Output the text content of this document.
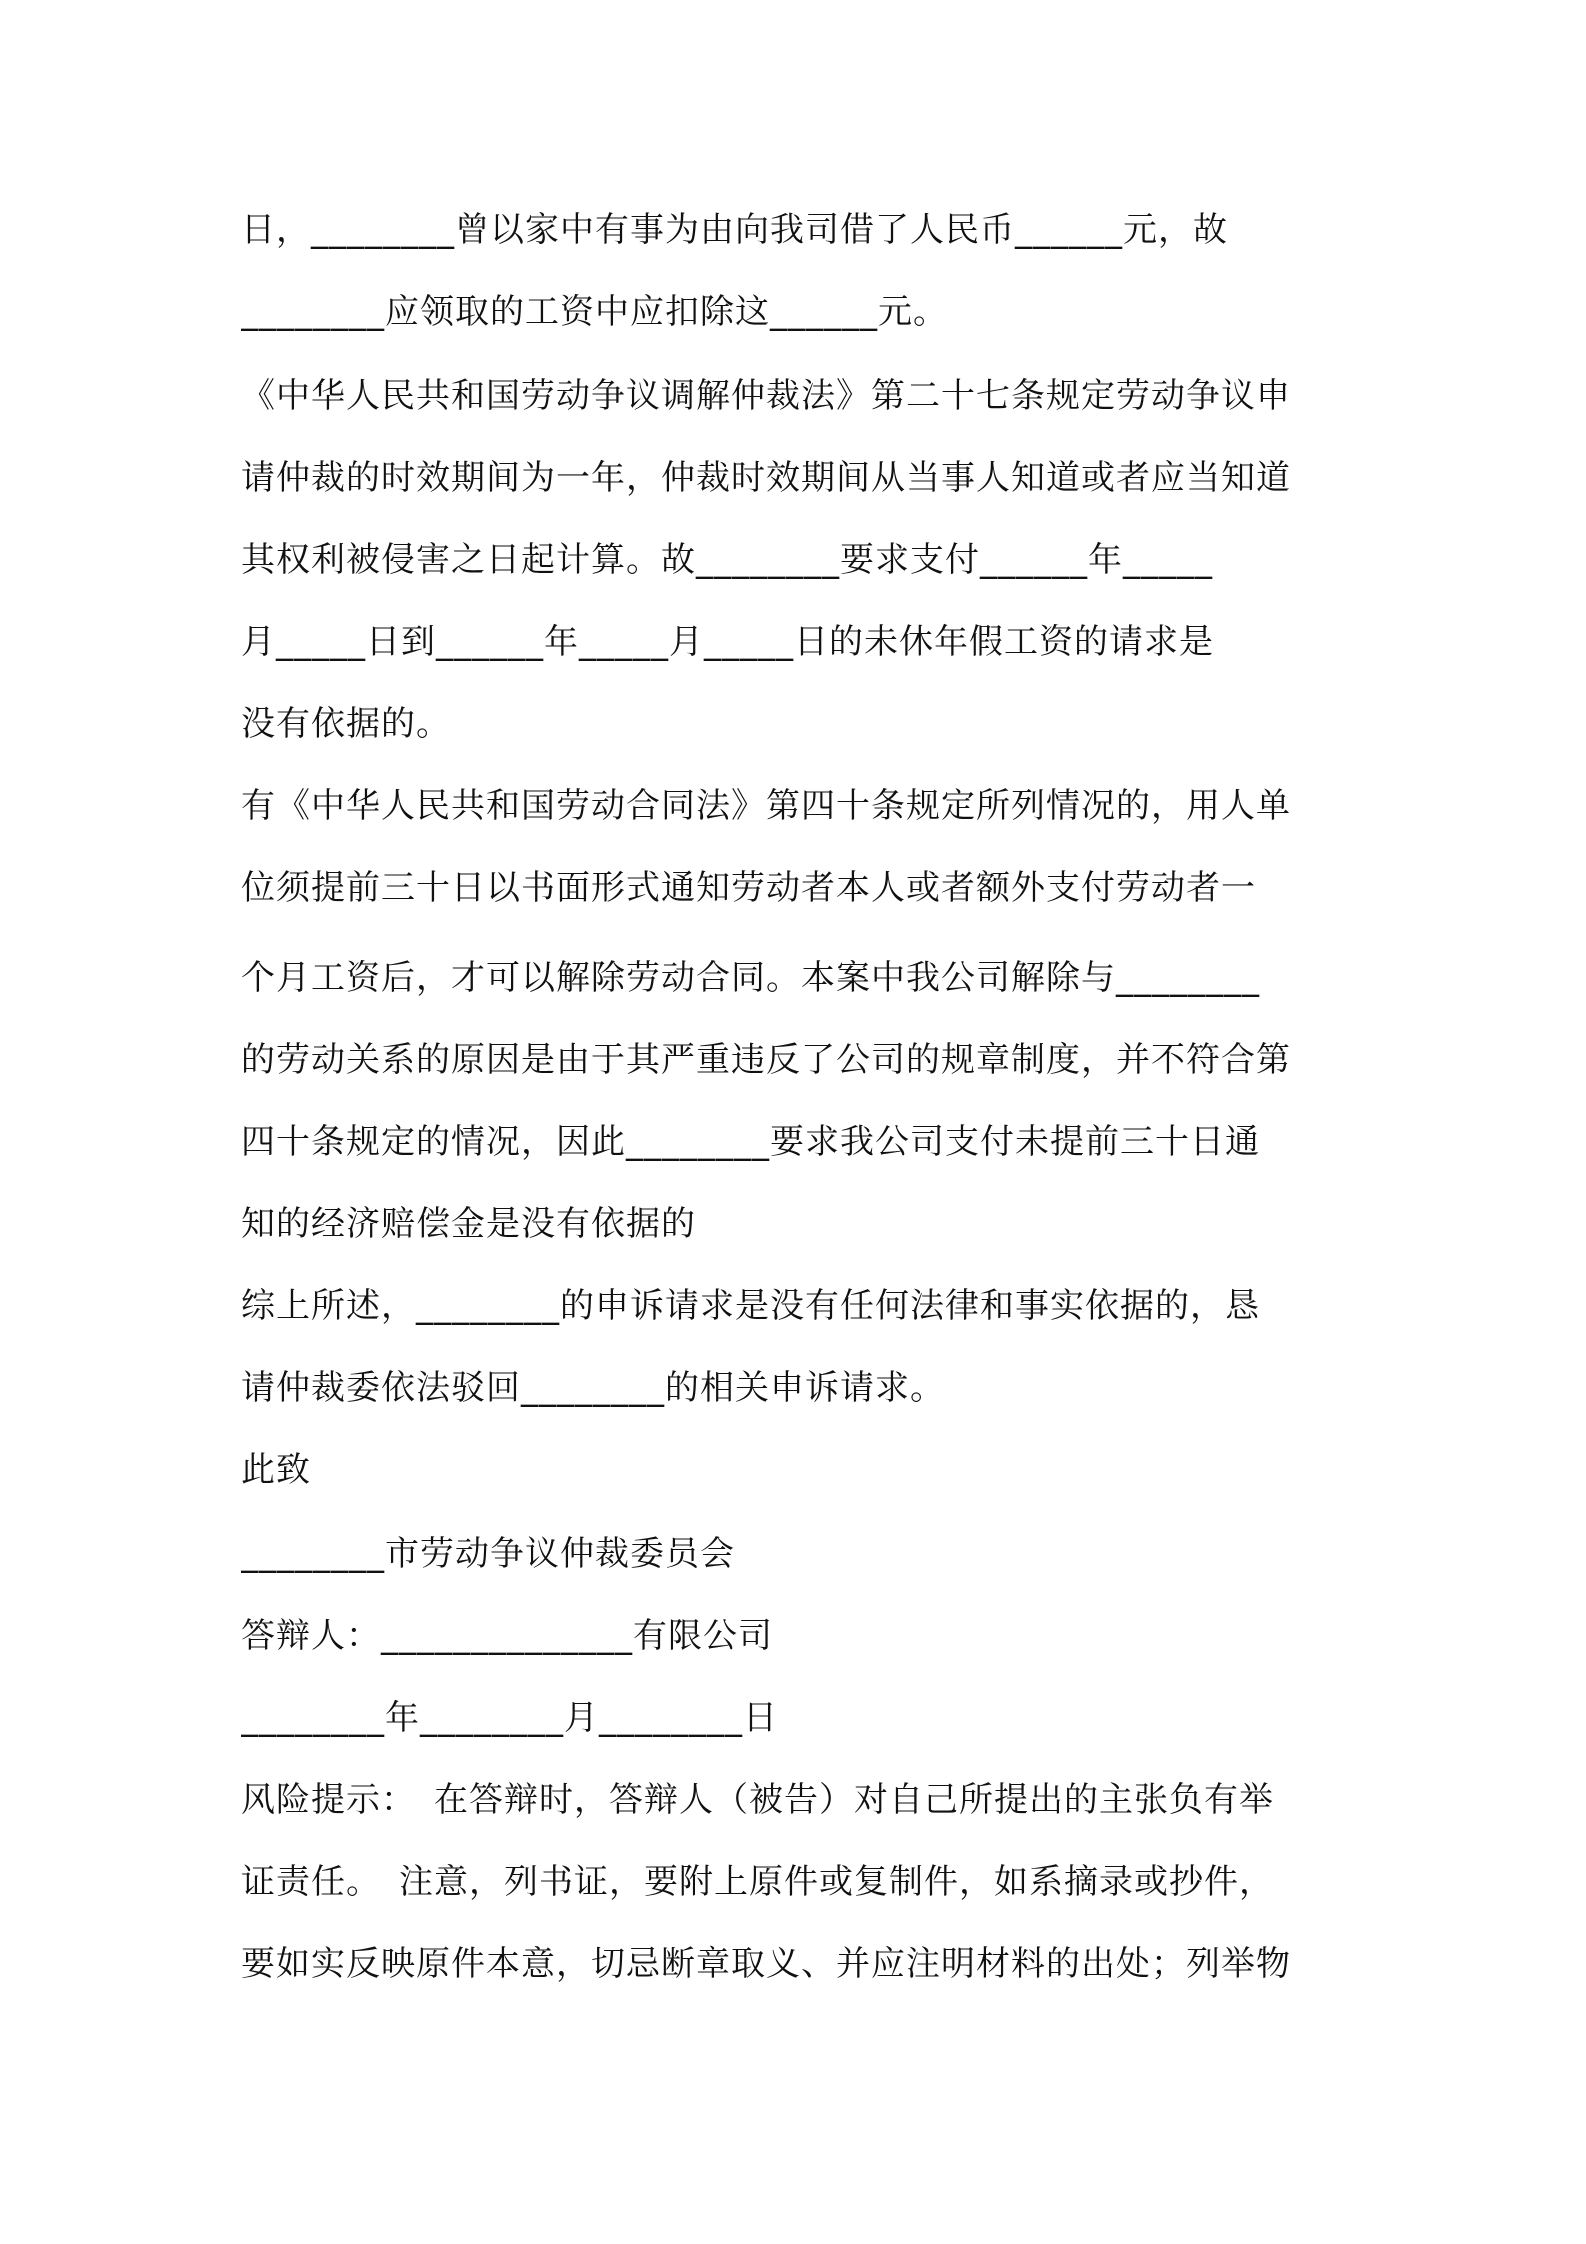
日，________曾以家中有事为由向我司借了人民币______元，故
________应领取的工资中应扣除这______元。
《中华人民共和国劳动争议调解仲裁法》第二十七条规定劳动争议申
请仲裁的时效期间为一年，仲裁时效期间从当事人知道或者应当知道
其权利被侵害之日起计算。故________要求支付______年_____
月_____日到______年_____月_____日的未休年假工资的请求是
没有依据的。
有《中华人民共和国劳动合同法》第四十条规定所列情况的，用人单
位须提前三十日以书面形式通知劳动者本人或者额外支付劳动者一
个月工资后，才可以解除劳动合同。本案中我公司解除与________
的劳动关系的原因是由于其严重违反了公司的规章制度，并不符合第
四十条规定的情况，因此________要求我公司支付未提前三十日通
知的经济赔偿金是没有依据的
综上所述，________的申诉请求是没有任何法律和事实依据的，恳
请仲裁委依法驳回________的相关申诉请求。
此致
________市劳动争议仲裁委员会
答辩人：______________有限公司
________年________月________日
风险提示：　在答辩时，答辩人（被告）对自己所提出的主张负有举
证责任。　注意，列书证，要附上原件或复制件，如系摘录或抄件，
要如实反映原件本意，切忌断章取义、并应注明材料的出处；列举物
